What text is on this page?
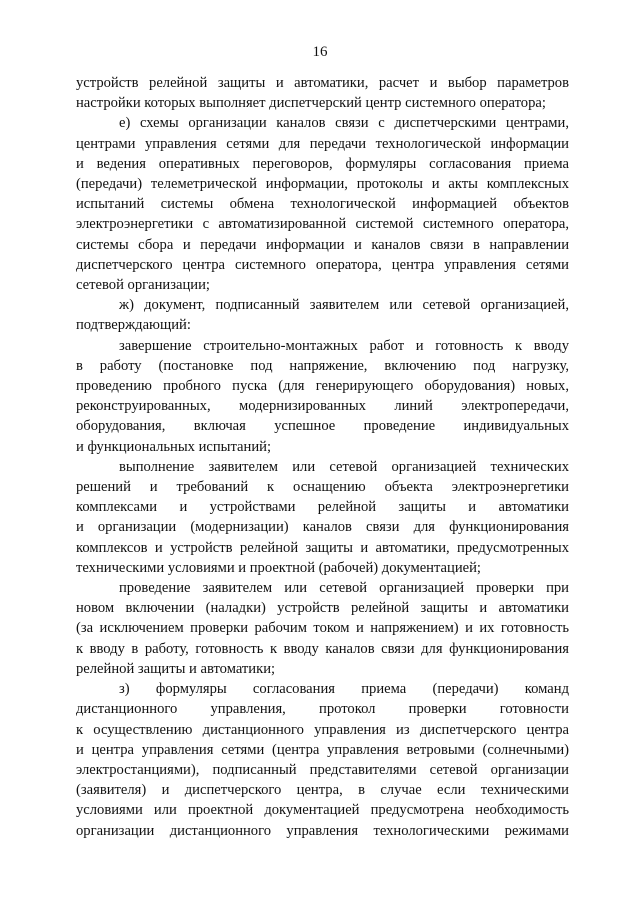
16
устройств релейной защиты и автоматики, расчет и выбор параметров
настройки которых выполняет диспетчерский центр системного оператора;
е) схемы организации каналов связи с диспетчерскими центрами,
центрами управления сетями для передачи технологической информации
и ведения оперативных переговоров, формуляры согласования приема
(передачи) телеметрической информации, протоколы и акты комплексных
испытаний системы обмена технологической информацией объектов
электроэнергетики с автоматизированной системой системного оператора,
системы сбора и передачи информации и каналов связи в направлении
диспетчерского центра системного оператора, центра управления сетями
сетевой организации;
ж) документ, подписанный заявителем или сетевой организацией,
подтверждающий:
завершение строительно-монтажных работ и готовность к вводу
в работу (постановке под напряжение, включению под нагрузку,
проведению пробного пуска (для генерирующего оборудования) новых,
реконструированных, модернизированных линий электропередачи,
оборудования, включая успешное проведение индивидуальных
и функциональных испытаний;
выполнение заявителем или сетевой организацией технических
решений и требований к оснащению объекта электроэнергетики
комплексами и устройствами релейной защиты и автоматики
и организации (модернизации) каналов связи для функционирования
комплексов и устройств релейной защиты и автоматики, предусмотренных
техническими условиями и проектной (рабочей) документацией;
проведение заявителем или сетевой организацией проверки при
новом включении (наладки) устройств релейной защиты и автоматики
(за исключением проверки рабочим током и напряжением) и их готовность
к вводу в работу, готовность к вводу каналов связи для функционирования
релейной защиты и автоматики;
з) формуляры согласования приема (передачи) команд
дистанционного управления, протокол проверки готовности
к осуществлению дистанционного управления из диспетчерского центра
и центра управления сетями (центра управления ветровыми (солнечными)
электростанциями), подписанный представителями сетевой организации
(заявителя) и диспетчерского центра, в случае если техническими
условиями или проектной документацией предусмотрена необходимость
организации дистанционного управления технологическими режимами
